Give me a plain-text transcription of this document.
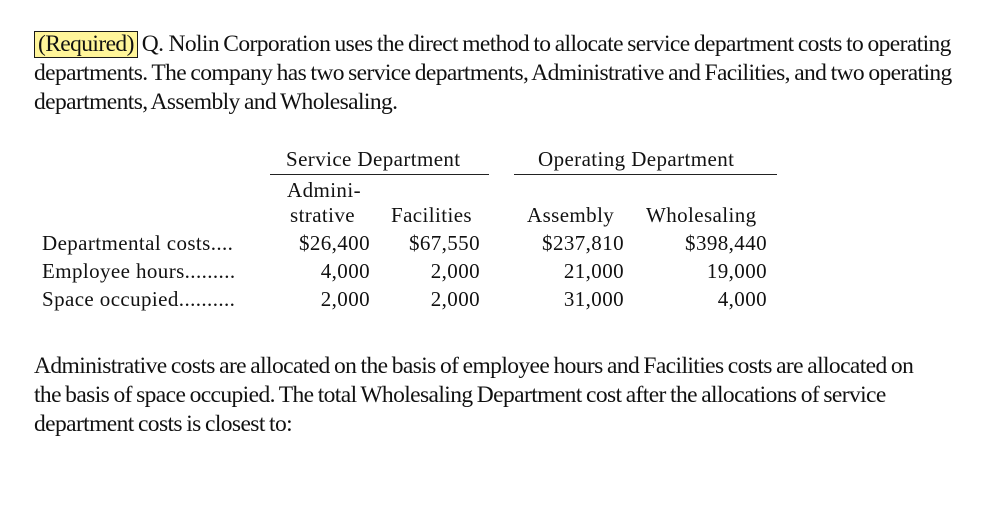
(Required) Q. Nolin Corporation uses the direct method to allocate service department costs to operating departments. The company has two service departments, Administrative and Facilities, and two operating departments, Assembly and Wholesaling.

Service Department	Operating Department
Admini-
strative Facilities	Assembly Wholesaling
Departmental costs....	$26,400	$67,550	$237,810	$398,440
Employee hours.........	4,000	2,000	21,000	19,000
Space occupied..........	2,000	2,000	31,000	4,000

Administrative costs are allocated on the basis of employee hours and Facilities costs are allocated on the basis of space occupied. The total Wholesaling Department cost after the allocations of service department costs is closest to:
